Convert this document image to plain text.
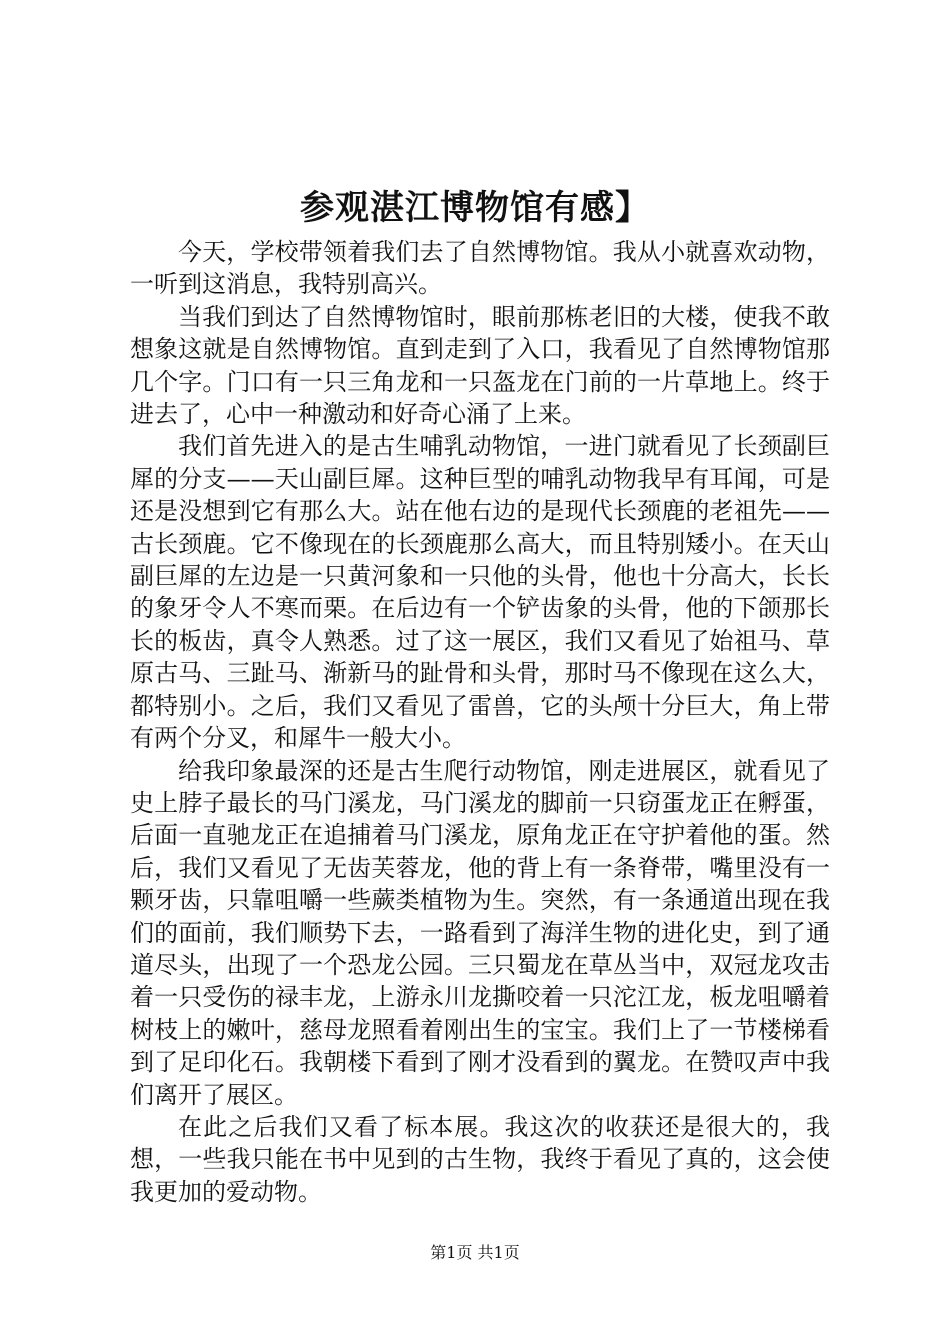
参观湛江博物馆有感】

今天，学校带领着我们去了自然博物馆。我从小就喜欢动物，一听到这消息，我特别高兴。

当我们到达了自然博物馆时，眼前那栋老旧的大楼，使我不敢想象这就是自然博物馆。直到走到了入口，我看见了自然博物馆那几个字。门口有一只三角龙和一只盔龙在门前的一片草地上。终于进去了，心中一种激动和好奇心涌了上来。

我们首先进入的是古生哺乳动物馆，一进门就看见了长颈副巨犀的分支——天山副巨犀。这种巨型的哺乳动物我早有耳闻，可是还是没想到它有那么大。站在他右边的是现代长颈鹿的老祖先——古长颈鹿。它不像现在的长颈鹿那么高大，而且特别矮小。在天山副巨犀的左边是一只黄河象和一只他的头骨，他也十分高大，长长的象牙令人不寒而栗。在后边有一个铲齿象的头骨，他的下颌那长长的板齿，真令人熟悉。过了这一展区，我们又看见了始祖马、草原古马、三趾马、渐新马的趾骨和头骨，那时马不像现在这么大，都特别小。之后，我们又看见了雷兽，它的头颅十分巨大，角上带有两个分叉，和犀牛一般大小。

给我印象最深的还是古生爬行动物馆，刚走进展区，就看见了史上脖子最长的马门溪龙，马门溪龙的脚前一只窃蛋龙正在孵蛋，后面一直驰龙正在追捕着马门溪龙，原角龙正在守护着他的蛋。然后，我们又看见了无齿芙蓉龙，他的背上有一条脊带，嘴里没有一颗牙齿，只靠咀嚼一些蕨类植物为生。突然，有一条通道出现在我们的面前，我们顺势下去，一路看到了海洋生物的进化史，到了通道尽头，出现了一个恐龙公园。三只蜀龙在草丛当中，双冠龙攻击着一只受伤的禄丰龙，上游永川龙撕咬着一只沱江龙，板龙咀嚼着树枝上的嫩叶，慈母龙照看着刚出生的宝宝。我们上了一节楼梯看到了足印化石。我朝楼下看到了刚才没看到的翼龙。在赞叹声中我们离开了展区。

在此之后我们又看了标本展。我这次的收获还是很大的，我想，一些我只能在书中见到的古生物，我终于看见了真的，这会使我更加的爱动物。

第1页 共1页
